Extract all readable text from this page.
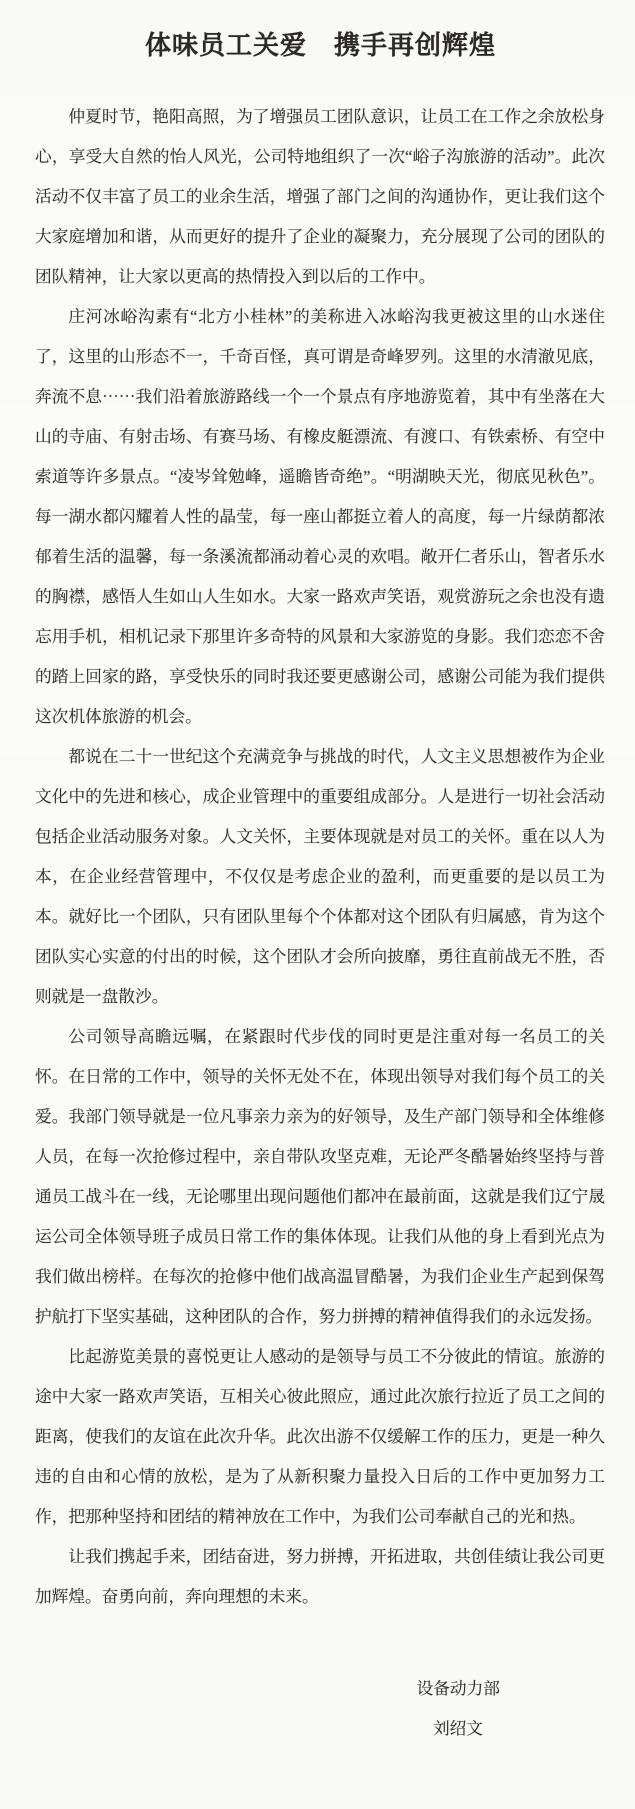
体味员工关爱　携手再创辉煌

仲夏时节，艳阳高照，为了增强员工团队意识，让员工在工作之余放松身心，享受大自然的怡人风光，公司特地组织了一次“峪子沟旅游的活动”。此次活动不仅丰富了员工的业余生活，增强了部门之间的沟通协作，更让我们这个大家庭增加和谐，从而更好的提升了企业的凝聚力，充分展现了公司的团队的团队精神，让大家以更高的热情投入到以后的工作中。

庄河冰峪沟素有“北方小桂林”的美称进入冰峪沟我更被这里的山水迷住了，这里的山形态不一，千奇百怪，真可谓是奇峰罗列。这里的水清澈见底，奔流不息⋯⋯我们沿着旅游路线一个一个景点有序地游览着，其中有坐落在大山的寺庙、有射击场、有赛马场、有橡皮艇漂流、有渡口、有铁索桥、有空中索道等许多景点。“凌岑耸勉峰，遥瞻皆奇绝”。“明湖映天光，彻底见秋色”。每一湖水都闪耀着人性的晶莹，每一座山都挺立着人的高度，每一片绿荫都浓郁着生活的温馨，每一条溪流都涌动着心灵的欢唱。敞开仁者乐山，智者乐水的胸襟，感悟人生如山人生如水。大家一路欢声笑语，观赏游玩之余也没有遗忘用手机，相机记录下那里许多奇特的风景和大家游览的身影。我们恋恋不舍的踏上回家的路，享受快乐的同时我还要更感谢公司，感谢公司能为我们提供这次机体旅游的机会。

都说在二十一世纪这个充满竞争与挑战的时代，人文主义思想被作为企业文化中的先进和核心，成企业管理中的重要组成部分。人是进行一切社会活动包括企业活动服务对象。人文关怀，主要体现就是对员工的关怀。重在以人为本，在企业经营管理中，不仅仅是考虑企业的盈利，而更重要的是以员工为本。就好比一个团队，只有团队里每个个体都对这个团队有归属感，肯为这个团队实心实意的付出的时候，这个团队才会所向披靡，勇往直前战无不胜，否则就是一盘散沙。

公司领导高瞻远嘱，在紧跟时代步伐的同时更是注重对每一名员工的关怀。在日常的工作中，领导的关怀无处不在，体现出领导对我们每个员工的关爱。我部门领导就是一位凡事亲力亲为的好领导，及生产部门领导和全体维修人员，在每一次抢修过程中，亲自带队攻坚克难，无论严冬酷暑始终坚持与普通员工战斗在一线，无论哪里出现问题他们都冲在最前面，这就是我们辽宁晟运公司全体领导班子成员日常工作的集体体现。让我们从他的身上看到光点为我们做出榜样。在每次的抢修中他们战高温冒酷暑，为我们企业生产起到保驾护航打下坚实基础，这种团队的合作，努力拼搏的精神值得我们的永远发扬。

比起游览美景的喜悦更让人感动的是领导与员工不分彼此的情谊。旅游的途中大家一路欢声笑语，互相关心彼此照应，通过此次旅行拉近了员工之间的距离，使我们的友谊在此次升华。此次出游不仅缓解工作的压力，更是一种久违的自由和心情的放松，是为了从新积聚力量投入日后的工作中更加努力工作，把那种坚持和团结的精神放在工作中，为我们公司奉献自己的光和热。

让我们携起手来，团结奋进，努力拼搏，开拓进取，共创佳绩让我公司更加辉煌。奋勇向前，奔向理想的未来。

设备动力部
刘绍文
